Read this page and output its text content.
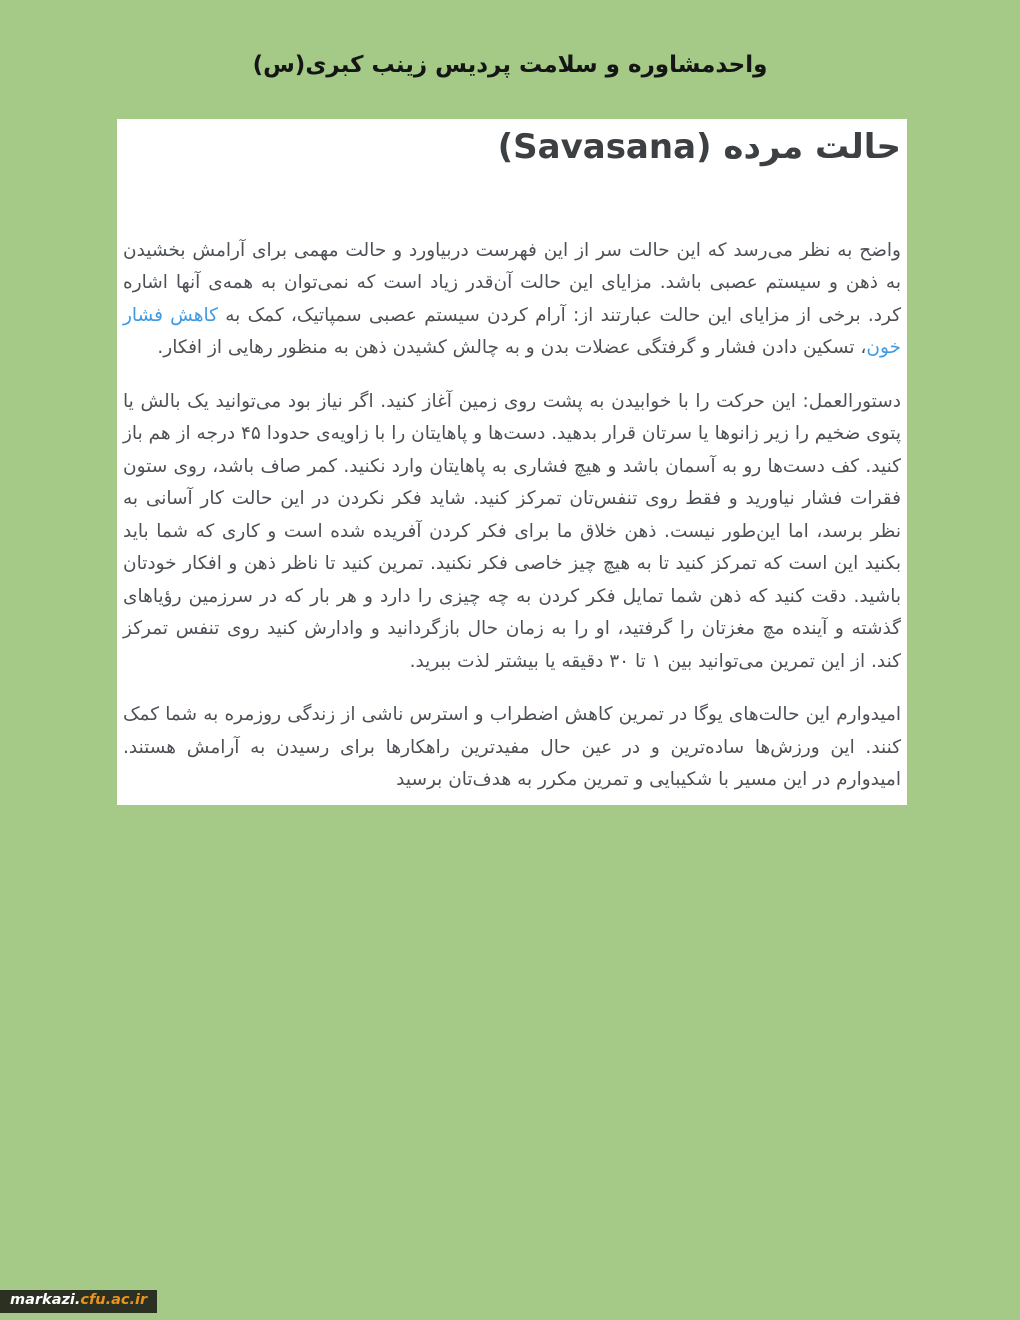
واحدمشاوره و سلامت پردیس زینب کبری(س)
حالت مرده (Savasana)

واضح به نظر می‌رسد که این حالت سر از این فهرست دربیاورد و حالت مهمی برای آرامش بخشیدن به ذهن و سیستم عصبی باشد. مزایای این حالت آن‌قدر زیاد است که نمی‌توان به همه‌ی آنها اشاره کرد. برخی از مزایای این حالت عبارتند از: آرام کردن سیستم عصبی سمپاتیک، کمک به کاهش فشار خون، تسکین دادن فشار و گرفتگی عضلات بدن و به چالش کشیدن ذهن به منظور رهایی از افکار.

دستورالعمل: این حرکت را با خوابیدن به پشت روی زمین آغاز کنید. اگر نیاز بود می‌توانید یک بالش یا پتوی ضخیم را زیر زانوها یا سرتان قرار بدهید. دست‌ها و پاهایتان را با زاویه‌ی حدودا ۴۵ درجه از هم باز کنید. کف دست‌ها رو به آسمان باشد و هیچ فشاری به پاهایتان وارد نکنید. کمر صاف باشد، روی ستون فقرات فشار نیاورید و فقط روی تنفس‌تان تمرکز کنید. شاید فکر نکردن در این حالت کار آسانی به نظر برسد، اما این‌طور نیست. ذهن خلاق ما برای فکر کردن آفریده شده است و کاری که شما باید بکنید این است که تمرکز کنید تا به هیچ چیز خاصی فکر نکنید. تمرین کنید تا ناظر ذهن و افکار خودتان باشید. دقت کنید که ذهن شما تمایل فکر کردن به چه چیزی را دارد و هر بار که در سرزمین رؤیاهای گذشته و آینده مچ مغزتان را گرفتید، او را به زمان حال بازگردانید و وادارش کنید روی تنفس تمرکز کند. از این تمرین می‌توانید بین ۱ تا ۳۰ دقیقه یا بیشتر لذت ببرید.

امیدوارم این حالت‌های یوگا در تمرین کاهش اضطراب و استرس ناشی از زندگی روزمره به شما کمک کنند. این ورزش‌ها ساده‌ترین و در عین حال مفیدترین راهکارها برای رسیدن به آرامش هستند. امیدوارم در این مسیر با شکیبایی و تمرین مکرر به هدف‌تان برسید

markazi.cfu.ac.ir
